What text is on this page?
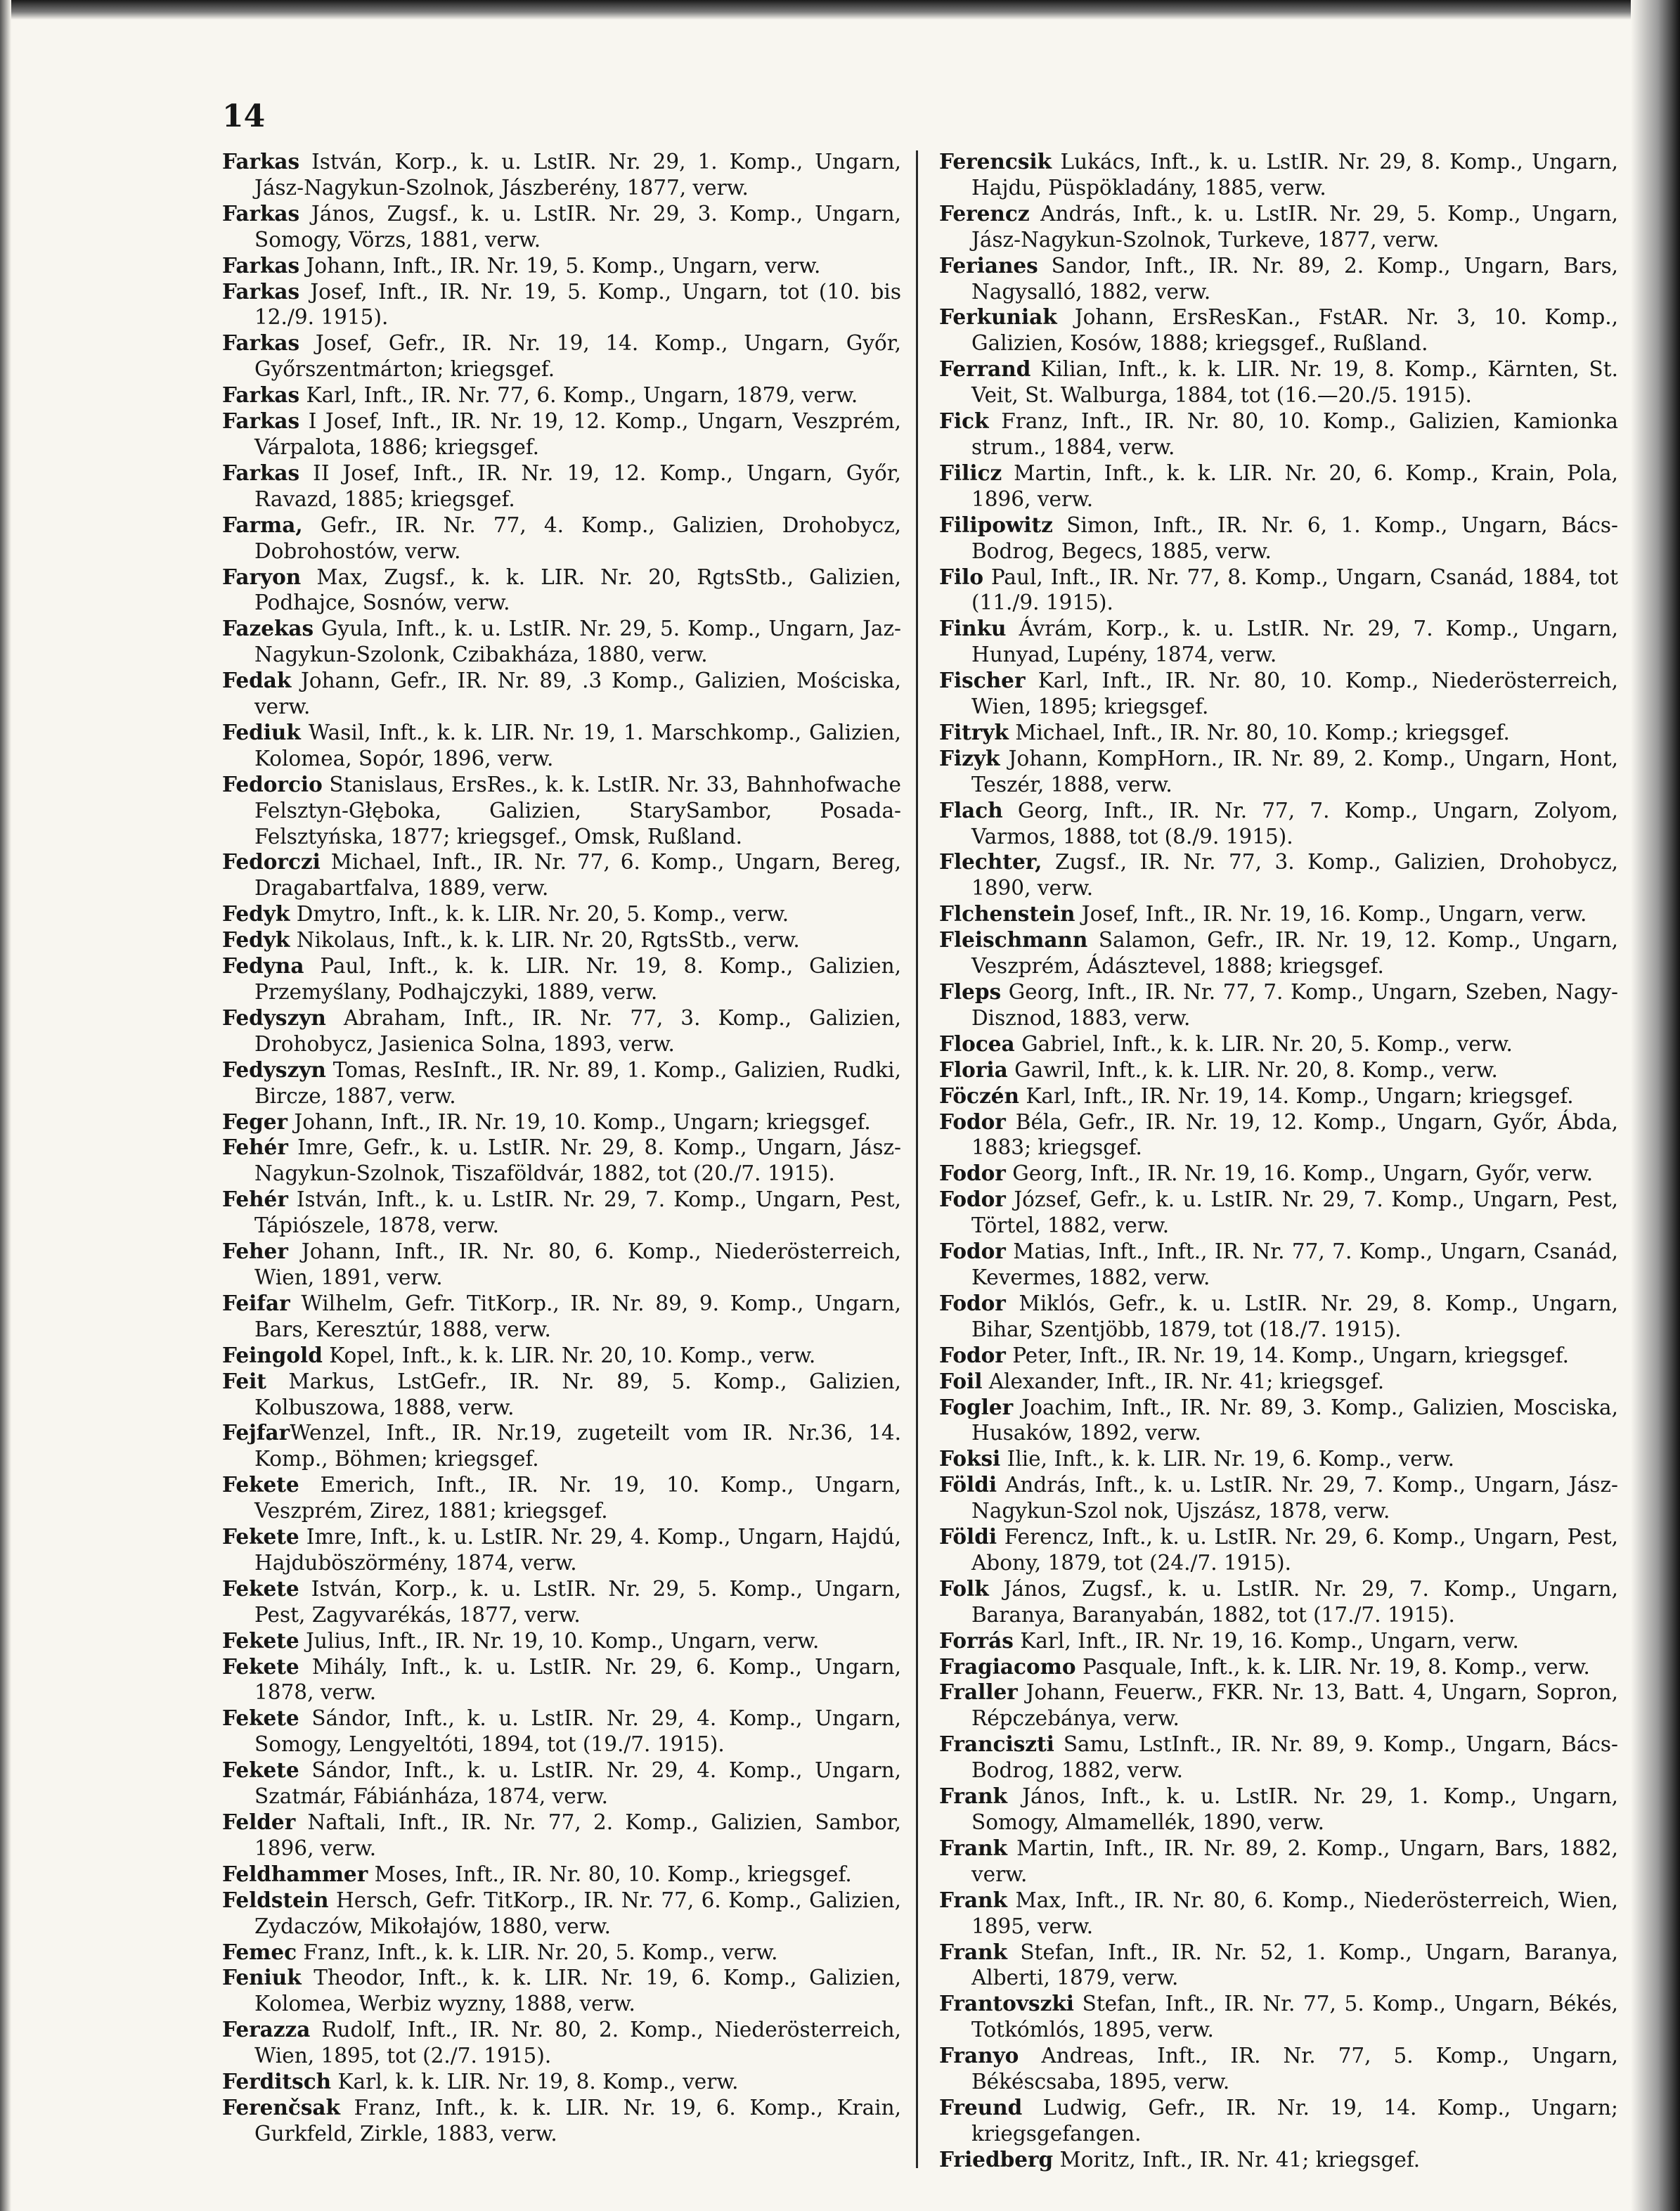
14

Farkas István, Korp., k. u. LstIR. Nr. 29, 1. Komp., Ungarn, Jász-Nagykun-Szolnok, Jászberény, 1877, verw.

Farkas János, Zugsf., k. u. LstIR. Nr. 29, 3. Komp., Ungarn, Somogy, Vörzs, 1881, verw.

Farkas Johann, Inft., IR. Nr. 19, 5. Komp., Ungarn, verw.

Farkas Josef, Inft., IR. Nr. 19, 5. Komp., Ungarn, tot (10. bis 12./9. 1915).

Farkas Josef, Gefr., IR. Nr. 19, 14. Komp., Ungarn, Győr, Győrszentmárton; kriegsgef.

Farkas Karl, Inft., IR. Nr. 77, 6. Komp., Ungarn, 1879, verw.

Farkas I Josef, Inft., IR. Nr. 19, 12. Komp., Ungarn, Veszprém, Várpalota, 1886; kriegsgef.

Farkas II Josef, Inft., IR. Nr. 19, 12. Komp., Ungarn, Győr, Ravazd, 1885; kriegsgef.

Farma, Gefr., IR. Nr. 77, 4. Komp., Galizien, Drohobycz, Dobrohostów, verw.

Faryon Max, Zugsf., k. k. LIR. Nr. 20, RgtsStb., Galizien, Podhajce, Sosnów, verw.

Fazekas Gyula, Inft., k. u. LstIR. Nr. 29, 5. Komp., Ungarn, Jaz-Nagykun-Szolonk, Czibakháza, 1880, verw.

Fedak Johann, Gefr., IR. Nr. 89, .3 Komp., Galizien, Mościska, verw.

Fediuk Wasil, Inft., k. k. LIR. Nr. 19, 1. Marschkomp., Galizien, Kolomea, Sopór, 1896, verw.

Fedorcio Stanislaus, ErsRes., k. k. LstIR. Nr. 33, Bahnhofwache Felsztyn-Głęboka, Galizien, StarySambor, Posada-Felsztyńska, 1877; kriegsgef., Omsk, Rußland.

Fedorczi Michael, Inft., IR. Nr. 77, 6. Komp., Ungarn, Bereg, Dragabartfalva, 1889, verw.

Fedyk Dmytro, Inft., k. k. LIR. Nr. 20, 5. Komp., verw.

Fedyk Nikolaus, Inft., k. k. LIR. Nr. 20, RgtsStb., verw.

Fedyna Paul, Inft., k. k. LIR. Nr. 19, 8. Komp., Galizien, Przemyślany, Podhajczyki, 1889, verw.

Fedyszyn Abraham, Inft., IR. Nr. 77, 3. Komp., Galizien, Drohobycz, Jasienica Solna, 1893, verw.

Fedyszyn Tomas, ResInft., IR. Nr. 89, 1. Komp., Galizien, Rudki, Bircze, 1887, verw.

Feger Johann, Inft., IR. Nr. 19, 10. Komp., Ungarn; kriegsgef.

Fehér Imre, Gefr., k. u. LstIR. Nr. 29, 8. Komp., Ungarn, Jász-Nagykun-Szolnok, Tiszaföldvár, 1882, tot (20./7. 1915).

Fehér István, Inft., k. u. LstIR. Nr. 29, 7. Komp., Ungarn, Pest, Tápiószele, 1878, verw.

Feher Johann, Inft., IR. Nr. 80, 6. Komp., Niederösterreich, Wien, 1891, verw.

Feifar Wilhelm, Gefr. TitKorp., IR. Nr. 89, 9. Komp., Ungarn, Bars, Keresztúr, 1888, verw.

Feingold Kopel, Inft., k. k. LIR. Nr. 20, 10. Komp., verw.

Feit Markus, LstGefr., IR. Nr. 89, 5. Komp., Galizien, Kolbuszowa, 1888, verw.

FejfarWenzel, Inft., IR. Nr.19, zugeteilt vom IR. Nr.36, 14. Komp., Böhmen; kriegsgef.

Fekete Emerich, Inft., IR. Nr. 19, 10. Komp., Ungarn, Veszprém, Zirez, 1881; kriegsgef.

Fekete Imre, Inft., k. u. LstIR. Nr. 29, 4. Komp., Ungarn, Hajdú, Hajduböszörmény, 1874, verw.

Fekete István, Korp., k. u. LstIR. Nr. 29, 5. Komp., Ungarn, Pest, Zagyvarékás, 1877, verw.

Fekete Julius, Inft., IR. Nr. 19, 10. Komp., Ungarn, verw.

Fekete Mihály, Inft., k. u. LstIR. Nr. 29, 6. Komp., Ungarn, 1878, verw.

Fekete Sándor, Inft., k. u. LstIR. Nr. 29, 4. Komp., Ungarn, Somogy, Lengyeltóti, 1894, tot (19./7. 1915).

Fekete Sándor, Inft., k. u. LstIR. Nr. 29, 4. Komp., Ungarn, Szatmár, Fábiánháza, 1874, verw.

Felder Naftali, Inft., IR. Nr. 77, 2. Komp., Galizien, Sambor, 1896, verw.

Feldhammer Moses, Inft., IR. Nr. 80, 10. Komp., kriegsgef.

Feldstein Hersch, Gefr. TitKorp., IR. Nr. 77, 6. Komp., Galizien, Zydaczów, Mikołajów, 1880, verw.

Femec Franz, Inft., k. k. LIR. Nr. 20, 5. Komp., verw.

Feniuk Theodor, Inft., k. k. LIR. Nr. 19, 6. Komp., Galizien, Kolomea, Werbiz wyzny, 1888, verw.

Ferazza Rudolf, Inft., IR. Nr. 80, 2. Komp., Niederösterreich, Wien, 1895, tot (2./7. 1915).

Ferditsch Karl, k. k. LIR. Nr. 19, 8. Komp., verw.

Ferenčsak Franz, Inft., k. k. LIR. Nr. 19, 6. Komp., Krain, Gurkfeld, Zirkle, 1883, verw.

Ferencsik Lukács, Inft., k. u. LstIR. Nr. 29, 8. Komp., Ungarn, Hajdu, Püspökladány, 1885, verw.

Ferencz András, Inft., k. u. LstIR. Nr. 29, 5. Komp., Ungarn, Jász-Nagykun-Szolnok, Turkeve, 1877, verw.

Ferianes Sandor, Inft., IR. Nr. 89, 2. Komp., Ungarn, Bars, Nagysalló, 1882, verw.

Ferkuniak Johann, ErsResKan., FstAR. Nr. 3, 10. Komp., Galizien, Kosów, 1888; kriegsgef., Rußland.

Ferrand Kilian, Inft., k. k. LIR. Nr. 19, 8. Komp., Kärnten, St. Veit, St. Walburga, 1884, tot (16.—20./5. 1915).

Fick Franz, Inft., IR. Nr. 80, 10. Komp., Galizien, Kamionka strum., 1884, verw.

Filicz Martin, Inft., k. k. LIR. Nr. 20, 6. Komp., Krain, Pola, 1896, verw.

Filipowitz Simon, Inft., IR. Nr. 6, 1. Komp., Ungarn, Bács-Bodrog, Begecs, 1885, verw.

Filo Paul, Inft., IR. Nr. 77, 8. Komp., Ungarn, Csanád, 1884, tot (11./9. 1915).

Finku Ávrám, Korp., k. u. LstIR. Nr. 29, 7. Komp., Ungarn, Hunyad, Lupény, 1874, verw.

Fischer Karl, Inft., IR. Nr. 80, 10. Komp., Niederösterreich, Wien, 1895; kriegsgef.

Fitryk Michael, Inft., IR. Nr. 80, 10. Komp.; kriegsgef.

Fizyk Johann, KompHorn., IR. Nr. 89, 2. Komp., Ungarn, Hont, Teszér, 1888, verw.

Flach Georg, Inft., IR. Nr. 77, 7. Komp., Ungarn, Zolyom, Varmos, 1888, tot (8./9. 1915).

Flechter, Zugsf., IR. Nr. 77, 3. Komp., Galizien, Drohobycz, 1890, verw.

Flchenstein Josef, Inft., IR. Nr. 19, 16. Komp., Ungarn, verw.

Fleischmann Salamon, Gefr., IR. Nr. 19, 12. Komp., Ungarn, Veszprém, Ádásztevel, 1888; kriegsgef.

Fleps Georg, Inft., IR. Nr. 77, 7. Komp., Ungarn, Szeben, Nagy-Disznod, 1883, verw.

Flocea Gabriel, Inft., k. k. LIR. Nr. 20, 5. Komp., verw.

Floria Gawril, Inft., k. k. LIR. Nr. 20, 8. Komp., verw.

Föczén Karl, Inft., IR. Nr. 19, 14. Komp., Ungarn; kriegsgef.

Fodor Béla, Gefr., IR. Nr. 19, 12. Komp., Ungarn, Győr, Ábda, 1883; kriegsgef.

Fodor Georg, Inft., IR. Nr. 19, 16. Komp., Ungarn, Győr, verw.

Fodor József, Gefr., k. u. LstIR. Nr. 29, 7. Komp., Ungarn, Pest, Törtel, 1882, verw.

Fodor Matias, Inft., Inft., IR. Nr. 77, 7. Komp., Ungarn, Csanád, Kevermes, 1882, verw.

Fodor Miklós, Gefr., k. u. LstIR. Nr. 29, 8. Komp., Ungarn, Bihar, Szentjöbb, 1879, tot (18./7. 1915).

Fodor Peter, Inft., IR. Nr. 19, 14. Komp., Ungarn, kriegsgef.

Foil Alexander, Inft., IR. Nr. 41; kriegsgef.

Fogler Joachim, Inft., IR. Nr. 89, 3. Komp., Galizien, Mosciska, Husaków, 1892, verw.

Foksi Ilie, Inft., k. k. LIR. Nr. 19, 6. Komp., verw.

Földi András, Inft., k. u. LstIR. Nr. 29, 7. Komp., Ungarn, Jász-Nagykun-Szol nok, Ujszász, 1878, verw.

Földi Ferencz, Inft., k. u. LstIR. Nr. 29, 6. Komp., Ungarn, Pest, Abony, 1879, tot (24./7. 1915).

Folk János, Zugsf., k. u. LstIR. Nr. 29, 7. Komp., Ungarn, Baranya, Baranyabán, 1882, tot (17./7. 1915).

Forrás Karl, Inft., IR. Nr. 19, 16. Komp., Ungarn, verw.

Fragiacomo Pasquale, Inft., k. k. LIR. Nr. 19, 8. Komp., verw.

Fraller Johann, Feuerw., FKR. Nr. 13, Batt. 4, Ungarn, Sopron, Répczebánya, verw.

Franciszti Samu, LstInft., IR. Nr. 89, 9. Komp., Ungarn, Bács-Bodrog, 1882, verw.

Frank János, Inft., k. u. LstIR. Nr. 29, 1. Komp., Ungarn, Somogy, Almamellék, 1890, verw.

Frank Martin, Inft., IR. Nr. 89, 2. Komp., Ungarn, Bars, 1882, verw.

Frank Max, Inft., IR. Nr. 80, 6. Komp., Niederösterreich, Wien, 1895, verw.

Frank Stefan, Inft., IR. Nr. 52, 1. Komp., Ungarn, Baranya, Alberti, 1879, verw.

Frantovszki Stefan, Inft., IR. Nr. 77, 5. Komp., Ungarn, Békés, Totkómlós, 1895, verw.

Franyo Andreas, Inft., IR. Nr. 77, 5. Komp., Ungarn, Békéscsaba, 1895, verw.

Freund Ludwig, Gefr., IR. Nr. 19, 14. Komp., Ungarn; kriegsgefangen.

Friedberg Moritz, Inft., IR. Nr. 41; kriegsgef.
